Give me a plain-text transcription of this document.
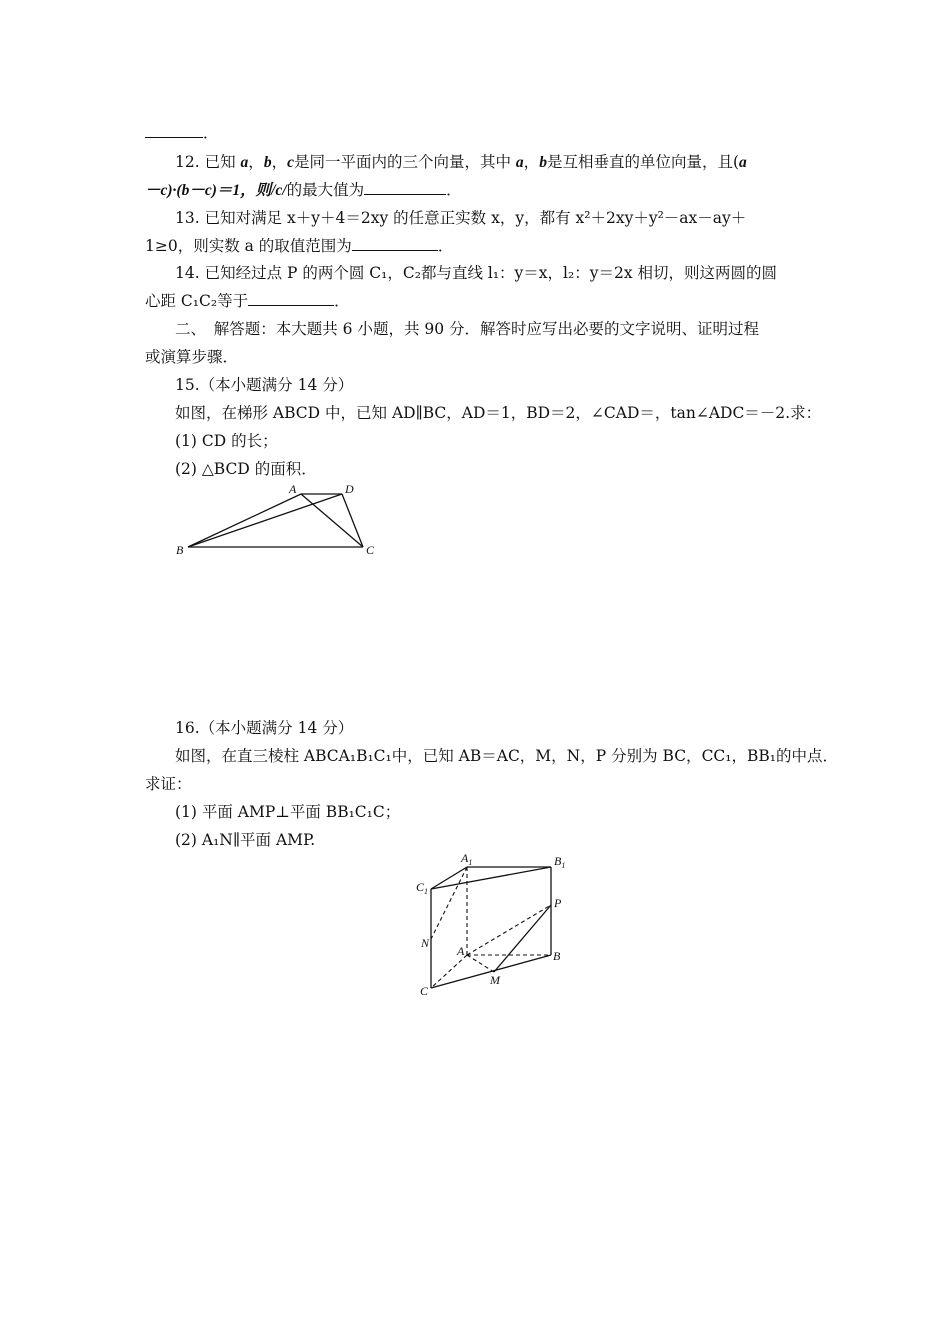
．
12. 已知 a，b，c是同一平面内的三个向量，其中 a，b是互相垂直的单位向量，且(a
－c)·(b－c)＝1，则/c/的最大值为	．
13. 已知对满足 x＋y＋4＝2xy 的任意正实数 x，y，都有 x²＋2xy＋y²－ax－ay＋
1≥0，则实数 a 的取值范围为	．
14. 已知经过点 P 的两个圆 C₁，C₂都与直线 l₁：y＝x，l₂：y＝2x 相切，则这两圆的圆
心距 C₁C₂等于	．
二、　解答题：本大题共 6 小题，共 90 分．解答时应写出必要的文字说明、证明过程
或演算步骤．
15.（本小题满分 14 分）
如图，在梯形 ABCD 中，已知 AD∥BC，AD＝1，BD＝2，∠CAD＝，tan∠ADC＝－2.求：
(1) CD 的长；
(2) △BCD 的面积．
A	D
B	C
16.（本小题满分 14 分）
如图，在直三棱柱 ABCA₁B₁C₁中，已知 AB＝AC，M，N，P 分别为 BC，CC₁，BB₁的中点．
求证：
(1) 平面 AMP⊥平面 BB₁C₁C；
(2) A₁N∥平面 AMP.
$A_1$	$B_1$
$C_1$
P
N
A	B
C
M
